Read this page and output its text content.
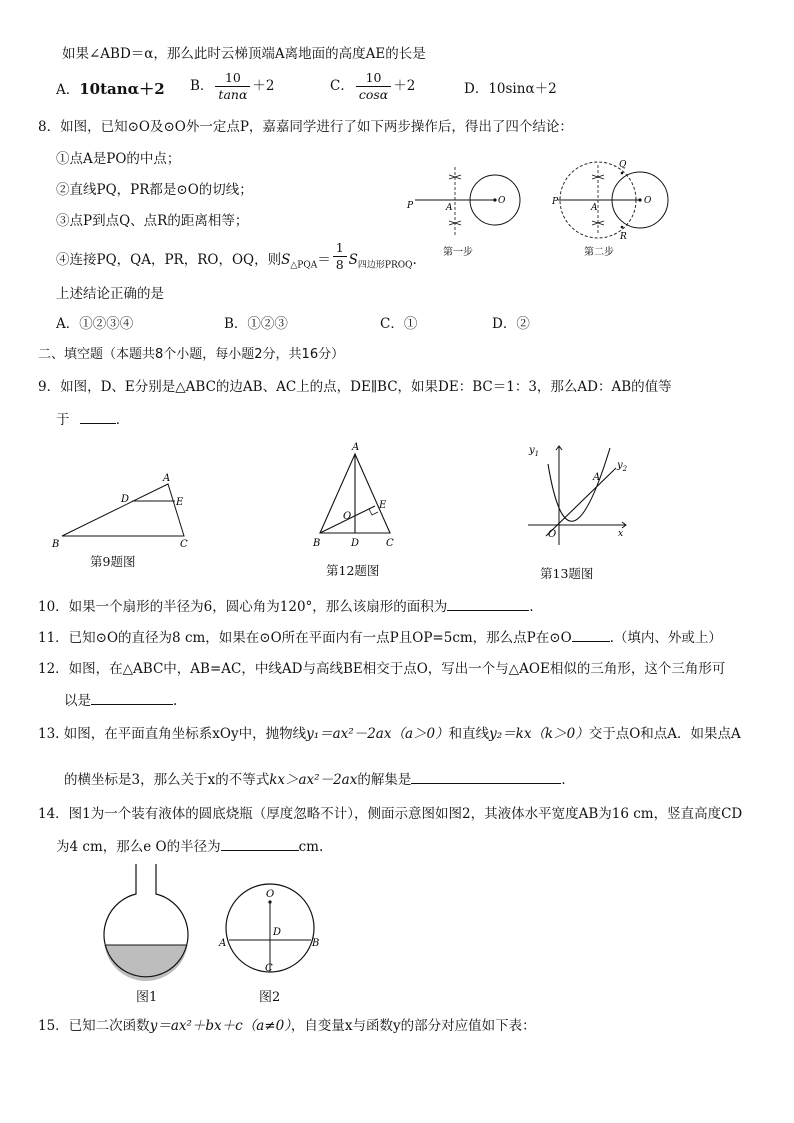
如果∠ABD＝α，那么此时云梯顶端A离地面的高度AE的长是
A．10tanα＋2 B． $\frac{10}{\tan\alpha} +2$	C． $\frac{10}{\cos\alpha} +2$	D．10sinα＋2
8．如图，已知⊙O及⊙O外一定点P，嘉嘉同学进行了如下两步操作后，得出了四个结论：
①点A是PO的中点；
②直线PQ，PR都是⊙O的切线；
③点P到点Q、点R的距离相等；
④连接PQ，QA，PR，RO，OQ，则$S_{\triangle PQA}= \frac{1}{8} S_{四边形PROQ}$.
上述结论正确的是
A．①②③④	B．①②③	C．①	D．②
P	A
O
第一步
P
A
O
Q
R
第二步
二、填空题（本题共8个小题，每小题2分，共16分）
9．如图，D、E分别是△ABC的边AB、AC上的点，DE∥BC，如果DE：BC＝1：3，那么AD：AB的值等
于	．
A
B	C
D	E
第9题图
A
B	C
D
E
O
第12题图
$y_1$
$y_2$
A
O	x
第13题图
10．如果一个扇形的半径为6，圆心角为120°，那么该扇形的面积为	.
11．已知⊙O的直径为8 cm，如果在⊙O所在平面内有一点P且OP=5cm，那么点P在⊙O	.（填内、外或上）
12．如图，在△ABC中，AB=AC，中线AD与高线BE相交于点O，写出一个与△AOE相似的三角形，这个三角形可
以是	.
13. 如图，在平面直角坐标系xOy中，抛物线y₁＝ax²－2ax（a＞0）和直线y₂＝kx（k＞0）交于点O和点A．如果点A
的横坐标是3，那么关于x的不等式kx＞ax²－2ax的解集是	．
14．图1为一个装有液体的圆底烧瓶（厚度忽略不计），侧面示意图如图2，其液体水平宽度AB为16 cm，竖直高度CD
为4 cm，那么e O的半径为	cm.
图1
O
D
A	B
C
图2
15．已知二次函数y＝ax²＋bx＋c（a≠0），自变量x与函数y的部分对应值如下表：
